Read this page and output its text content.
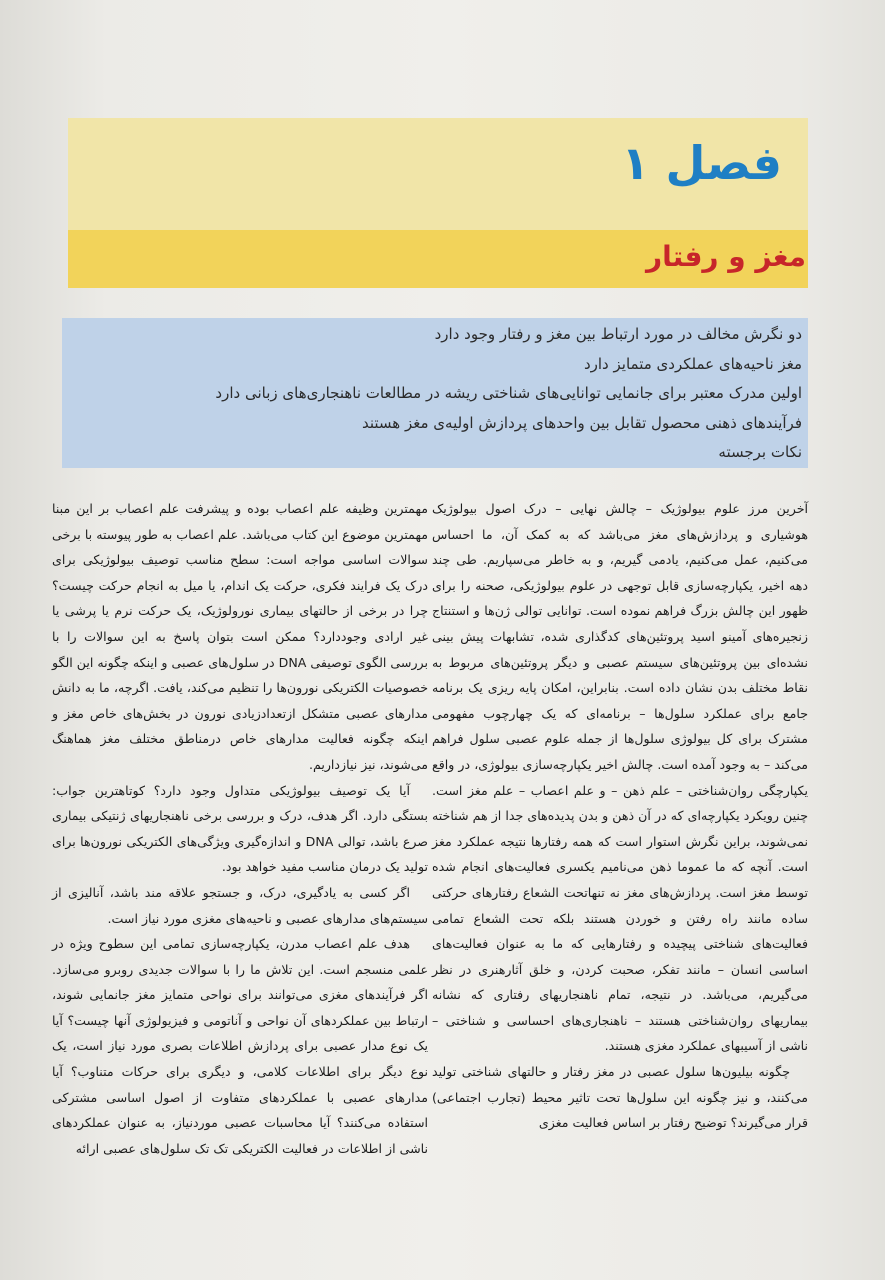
فصل ۱
مغز و رفتار
دو نگرش مخالف در مورد ارتباط بین مغز و رفتار وجود دارد
مغز ناحیه‌های عملکردی متمایز دارد
اولین مدرک معتبر برای جانمایی توانایی‌های شناختی ریشه در مطالعات ناهنجاری‌های زبانی دارد
فرآیندهای ذهنی محصول تقابل بین واحدهای پردازش اولیه‌ی مغز هستند
نکات برجسته

آخرین مرز علوم بیولوژیک – چالش نهایی – درک اصول بیولوژیک هوشیاری و پردازش‌های مغز می‌باشد که به کمک آن، ما احساس می‌کنیم، عمل می‌کنیم، یادمی گیریم، و به خاطر می‌سپاریم. طی چند دهه اخیر، یکپارچه‌سازی قابل توجهی در علوم بیولوژیکی، صحنه را برای ظهور این چالش بزرگ فراهم نموده است. توانایی توالی ژن‌ها و استنتاج زنجیره‌های آمینو اسید پروتئین‌های کدگذاری شده، تشابهات پیش بینی نشده‌ای بین پروتئین‌های سیستم عصبی و دیگر پروتئین‌های مربوط به نقاط مختلف بدن نشان داده است. بنابراین، امکان پایه ریزی یک برنامه جامع برای عملکرد سلول‌ها – برنامه‌ای که یک چهارچوب مفهومی مشترک برای کل بیولوژی سلول‌ها از جمله علوم عصبی سلول فراهم می‌کند – به وجود آمده است. چالش اخیر یکپارچه‌سازی بیولوژی، در واقع یکپارچگی روان‌شناختی – علم ذهن – و علم اعصاب – علم مغز است. چنین رویکرد یکپارچه‌ای که در آن ذهن و بدن پدیده‌های جدا از هم شناخته نمی‌شوند، براین نگرش استوار است که همه رفتارها نتیجه عملکرد مغز است. آنچه که ما عموما ذهن می‌نامیم یکسری فعالیت‌های انجام شده توسط مغز است. پردازش‌های مغز نه تنهاتحت الشعاع رفتارهای حرکتی ساده مانند راه رفتن و خوردن هستند بلکه تحت الشعاع تمامی فعالیت‌های شناختی پیچیده و رفتارهایی که ما به عنوان فعالیت‌های اساسی انسان – مانند تفکر، صحبت کردن، و خلق آثارهنری در نظر می‌گیریم، می‌باشد. در نتیجه، تمام ناهنجاریهای رفتاری که نشانه بیماریهای روان‌شناختی هستند – ناهنجاری‌های احساسی و شناختی – ناشی از آسیبهای عملکرد مغزی هستند.

چگونه بیلیون‌ها سلول عصبی در مغز رفتار و حالتهای شناختی تولید می‌کنند، و نیز چگونه این سلول‌ها تحت تاثیر محیط (تجارب اجتماعی) قرار می‌گیرند؟ توضیح رفتار بر اساس فعالیت مغزی

مهمترین وظیفه علم اعصاب بوده و پیشرفت علم اعصاب بر این مبنا مهمترین موضوع این کتاب می‌باشد. علم اعصاب به طور پیوسته با برخی سوالات اساسی مواجه است: سطح مناسب توصیف بیولوژیکی برای درک یک فرایند فکری، حرکت یک اندام، یا میل به انجام حرکت چیست؟ چرا در برخی از حالتهای بیماری نورولوژیک، یک حرکت نرم یا پرشی یا غیر ارادی وجوددارد؟ ممکن است بتوان پاسخ به این سوالات را با بررسی الگوی توصیفی DNA در سلول‌های عصبی و اینکه چگونه این الگو خصوصیات الکتریکی نورون‌ها را تنظیم می‌کند، یافت. اگرچه، ما به دانش مدارهای عصبی متشکل ازتعدادزیادی نورون در بخش‌های خاص مغز و اینکه چگونه فعالیت مدارهای خاص درمناطق مختلف مغز هماهنگ می‌شوند، نیز نیازداریم.

آیا یک توصیف بیولوژیکی متداول وجود دارد؟ کوتاهترین جواب: بستگی دارد. اگر هدف، درک و بررسی برخی ناهنجاریهای ژنتیکی بیماری صرع باشد، توالی DNA و اندازه‌گیری ویژگی‌های الکتریکی نورون‌ها برای تولید یک درمان مناسب مفید خواهد بود.

اگر کسی به یادگیری، درک، و جستجو علاقه مند باشد، آنالیزی از سیستم‌های مدارهای عصبی و ناحیه‌های مغزی مورد نیاز است.

هدف علم اعصاب مدرن، یکپارچه‌سازی تمامی این سطوح ویژه در علمی منسجم است. این تلاش ما را با سوالات جدیدی روبرو می‌سازد. اگر فرآیندهای مغزی می‌توانند برای نواحی متمایز مغز جانمایی شوند، ارتباط بین عملکردهای آن نواحی و آناتومی و فیزیولوژی آنها چیست؟ آیا یک نوع مدار عصبی برای پردازش اطلاعات بصری مورد نیاز است، یک نوع دیگر برای اطلاعات کلامی، و دیگری برای حرکات متناوب؟ آیا مدارهای عصبی با عملکردهای متفاوت از اصول اساسی مشترکی استفاده می‌کنند؟ آیا محاسبات عصبی موردنیاز، به عنوان عملکردهای ناشی از اطلاعات در فعالیت الکتریکی تک تک سلول‌های عصبی ارائه
